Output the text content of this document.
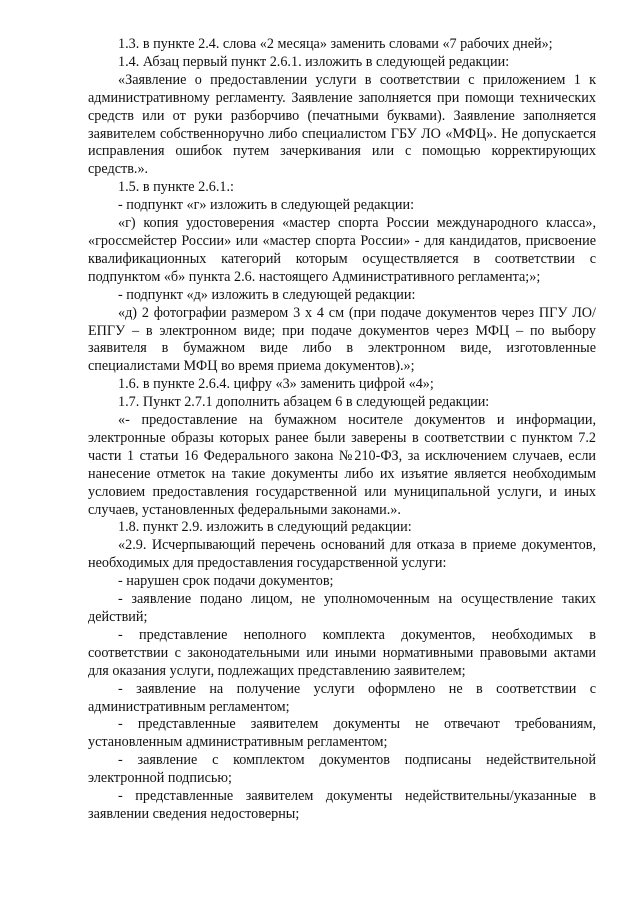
1.3. в пункте 2.4. слова «2 месяца» заменить словами «7 рабочих дней»;

1.4. Абзац первый пункт 2.6.1. изложить в следующей редакции:

«Заявление о предоставлении услуги в соответствии с приложением 1 к административному регламенту. Заявление заполняется при помощи технических средств или от руки разборчиво (печатными буквами). Заявление заполняется заявителем собственноручно либо специалистом ГБУ ЛО «МФЦ». Не допускается исправления ошибок путем зачеркивания или с помощью корректирующих средств.».

1.5. в пункте 2.6.1.:

- подпункт «г» изложить в следующей редакции:

«г) копия удостоверения «мастер спорта России международного класса», «гроссмейстер России» или «мастер спорта России» - для кандидатов, присвоение квалификационных категорий которым осуществляется в соответствии с подпунктом «б» пункта 2.6. настоящего Административного регламента;»;

- подпункт «д» изложить в следующей редакции:

«д) 2 фотографии размером 3 х 4 см (при подаче документов через ПГУ ЛО/ЕПГУ – в электронном виде; при подаче документов через МФЦ – по выбору заявителя в бумажном виде либо в электронном виде, изготовленные специалистами МФЦ во время приема документов).»;

1.6. в пункте 2.6.4. цифру «3» заменить цифрой «4»;

1.7. Пункт 2.7.1 дополнить абзацем 6 в следующей редакции:

«- предоставление на бумажном носителе документов и информации, электронные образы которых ранее были заверены в соответствии с пунктом 7.2 части 1 статьи 16 Федерального закона №210-ФЗ, за исключением случаев, если нанесение отметок на такие документы либо их изъятие является необходимым условием предоставления государственной или муниципальной услуги, и иных случаев, установленных федеральными законами.».

1.8. пункт 2.9. изложить в следующий редакции:

«2.9. Исчерпывающий перечень оснований для отказа в приеме документов, необходимых для предоставления государственной услуги:

- нарушен срок подачи документов;

- заявление подано лицом, не уполномоченным на осуществление таких действий;

- представление неполного комплекта документов, необходимых в соответствии с законодательными или иными нормативными правовыми актами для оказания услуги, подлежащих представлению заявителем;

- заявление на получение услуги оформлено не в соответствии с административным регламентом;

- представленные заявителем документы не отвечают требованиям, установленным административным регламентом;

- заявление с комплектом документов подписаны недействительной электронной подписью;

- представленные заявителем документы недействительны/указанные в заявлении сведения недостоверны;
